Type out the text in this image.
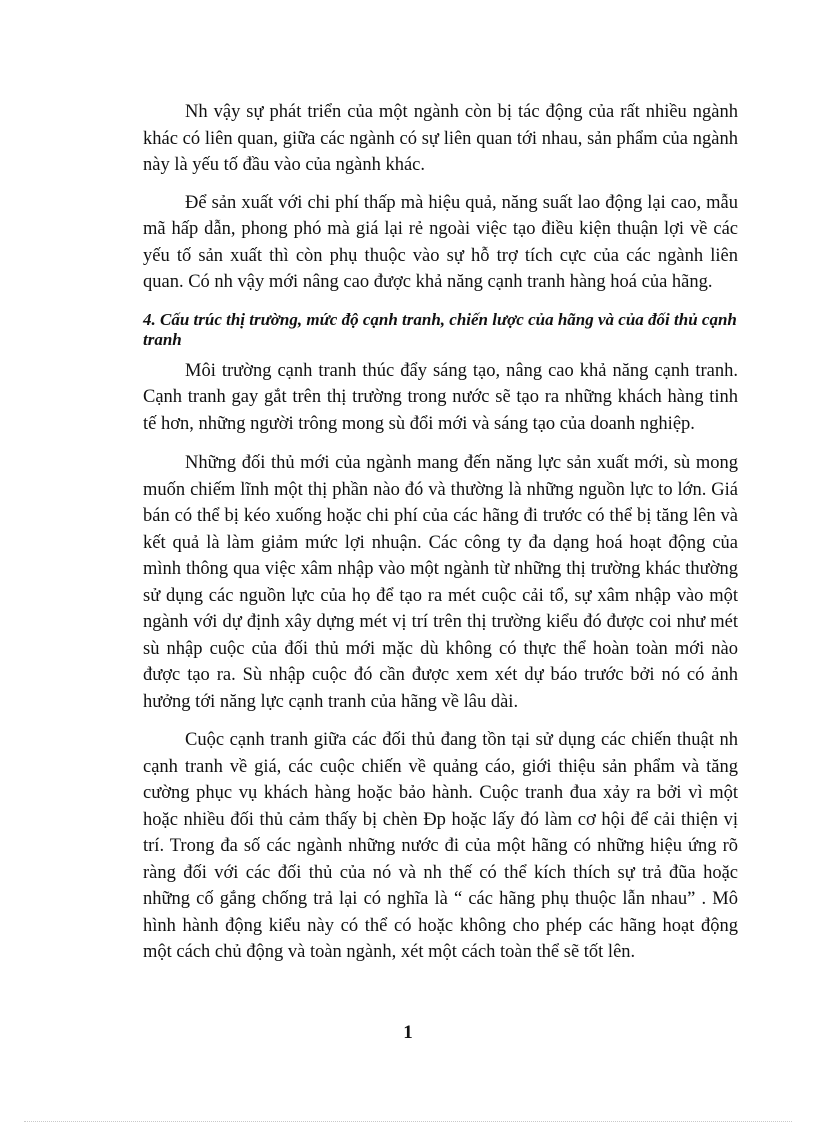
Nh vậy sự phát triển của một ngành còn bị tác động của rất nhiều ngành khác có liên quan, giữa các ngành có sự liên quan tới nhau, sản phẩm của ngành này là yếu tố đầu vào của ngành khác.

Để sản xuất với chi phí thấp mà hiệu quả, năng suất lao động lại cao, mẫu mã hấp dẫn, phong phó mà giá lại rẻ ngoài việc tạo điều kiện thuận lợi về các yếu tố sản xuất thì còn phụ thuộc vào sự hỗ trợ tích cực của các ngành liên quan. Có nh vậy mới nâng cao được khả năng cạnh tranh hàng hoá của hãng.

4. Cấu trúc thị trường, mức độ cạnh tranh, chiến lược của hãng và của đối thủ cạnh tranh

Môi trường cạnh tranh thúc đẩy sáng tạo, nâng cao khả năng cạnh tranh. Cạnh tranh gay gắt trên thị trường trong nước sẽ tạo ra những khách hàng tinh tế hơn, những người trông mong sù đổi mới và sáng tạo của doanh nghiệp.

Những đối thủ mới của ngành mang đến năng lực sản xuất mới, sù mong muốn chiếm lĩnh một thị phần nào đó và thường là những nguồn lực to lớn. Giá bán có thể bị kéo xuống hoặc chi phí của các hãng đi trước có thể bị tăng lên và kết quả là làm giảm mức lợi nhuận. Các công ty đa dạng hoá hoạt động của mình thông qua việc xâm nhập vào một ngành từ những thị trường khác thường sử dụng các nguồn lực của họ để tạo ra mét cuộc cải tổ, sự xâm nhập vào một ngành với dự định xây dựng mét vị trí trên thị trường kiểu đó được coi như mét sù nhập cuộc của đối thủ mới mặc dù không có thực thể hoàn toàn mới nào được tạo ra. Sù nhập cuộc đó cần được xem xét dự báo trước bởi nó có ảnh hưởng tới năng lực cạnh tranh của hãng về lâu dài.

Cuộc cạnh tranh giữa các đối thủ đang tồn tại sử dụng các chiến thuật nh cạnh tranh về giá, các cuộc chiến về quảng cáo, giới thiệu sản phẩm và tăng cường phục vụ khách hàng hoặc bảo hành. Cuộc tranh đua xảy ra bởi vì một hoặc nhiều đối thủ cảm thấy bị chèn Ðp hoặc lấy đó làm cơ hội để cải thiện vị trí. Trong đa số các ngành những nước đi của một hãng có những hiệu ứng rõ ràng đối với các đối thủ của nó và nh thế có thể kích thích sự trả đũa hoặc những cố gắng chống trả lại có nghĩa là “ các hãng phụ thuộc lẫn nhau” . Mô hình hành động kiểu này có thể có hoặc không cho phép các hãng hoạt động một cách chủ động và toàn ngành, xét một cách toàn thể sẽ tốt lên.

1
